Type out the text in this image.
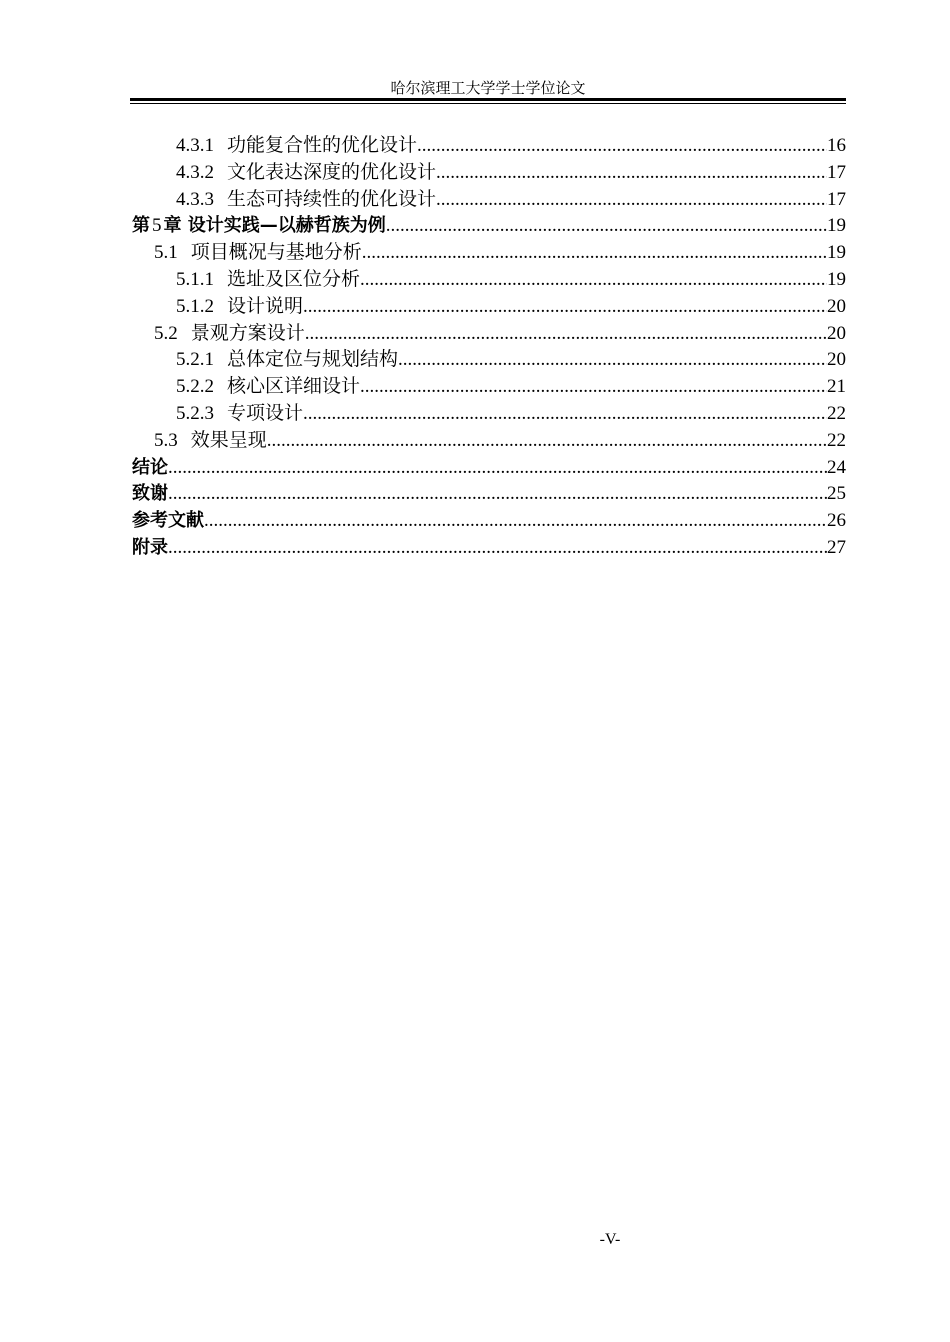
哈尔滨理工大学学士学位论文
4.3.1 功能复合性的优化设计 .....	16
4.3.2 文化表达深度的优化设计 .....	17
4.3.3 生态可持续性的优化设计 .....	17
第 5 章 设计实践—以赫哲族为例 .....	19
5.1 项目概况与基地分析 .....	19
5.1.1 选址及区位分析 .....	19
5.1.2 设计说明 .....	20
5.2 景观方案设计 .....	20
5.2.1 总体定位与规划结构 .....	20
5.2.2 核心区详细设计 .....	21
5.2.3 专项设计 .....	22
5.3 效果呈现 .....	22
结论 .....	24
致谢 .....	25
参考文献 .....	26
附录 .....	27
-V-
